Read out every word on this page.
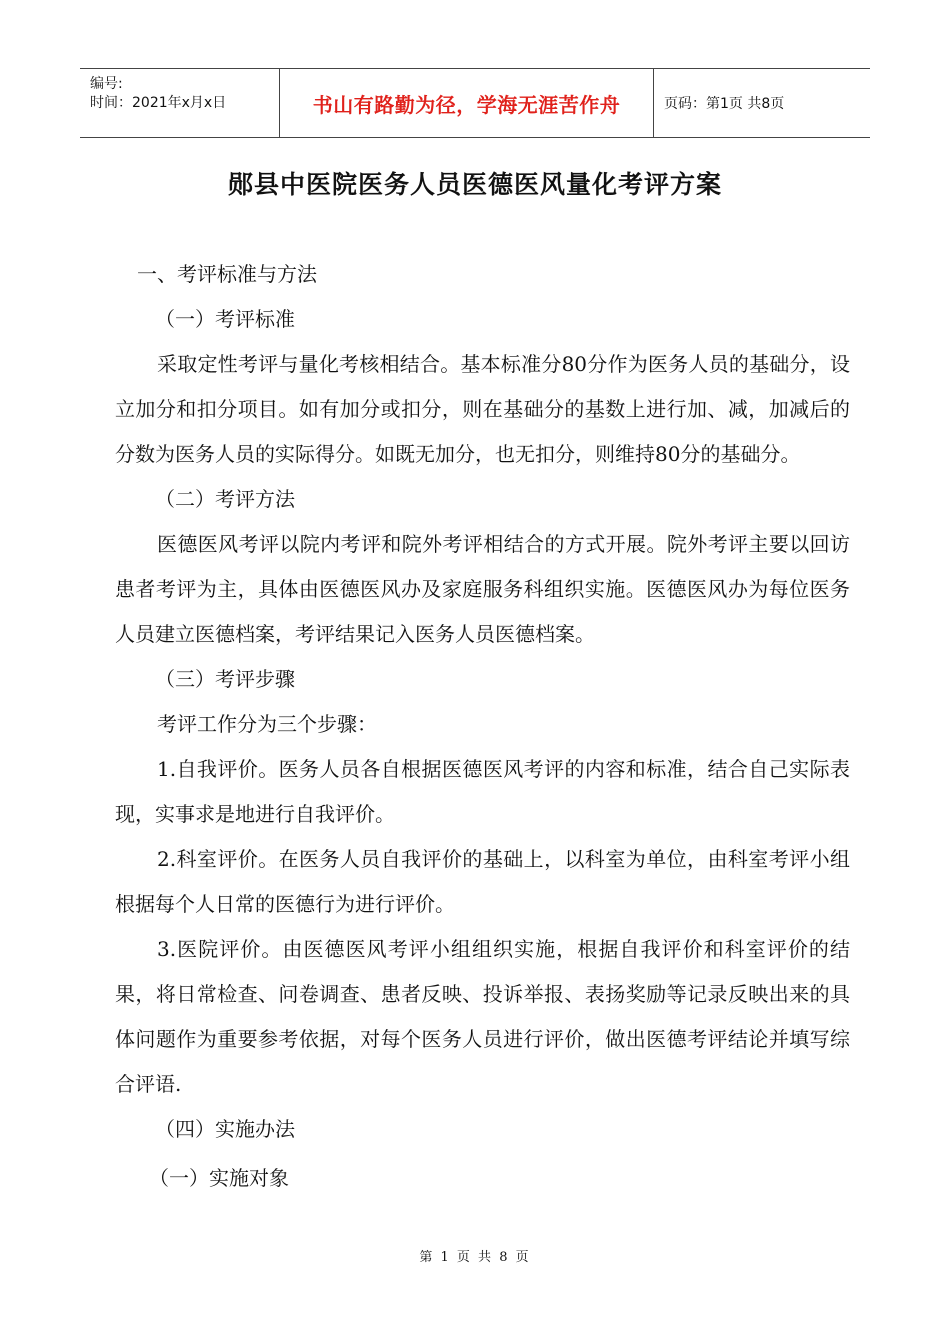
编号:
时间：2021年x月x日	书山有路勤为径，学海无涯苦作舟	页码：第1页 共8页
郧县中医院医务人员医德医风量化考评方案

一、考评标准与方法

（一）考评标准

采取定性考评与量化考核相结合。基本标准分80分作为医务人员的基础分，设立加分和扣分项目。如有加分或扣分，则在基础分的基数上进行加、减，加减后的分数为医务人员的实际得分。如既无加分，也无扣分，则维持80分的基础分。

（二）考评方法

医德医风考评以院内考评和院外考评相结合的方式开展。院外考评主要以回访患者考评为主，具体由医德医风办及家庭服务科组织实施。医德医风办为每位医务人员建立医德档案，考评结果记入医务人员医德档案。

（三）考评步骤

考评工作分为三个步骤：

1.自我评价。医务人员各自根据医德医风考评的内容和标准，结合自己实际表现，实事求是地进行自我评价。

2.科室评价。在医务人员自我评价的基础上，以科室为单位，由科室考评小组根据每个人日常的医德行为进行评价。

3.医院评价。由医德医风考评小组组织实施，根据自我评价和科室评价的结果，将日常检查、问卷调查、患者反映、投诉举报、表扬奖励等记录反映出来的具体问题作为重要参考依据，对每个医务人员进行评价，做出医德考评结论并填写综合评语.

（四）实施办法

（一）实施对象

第 1 页 共 8 页
